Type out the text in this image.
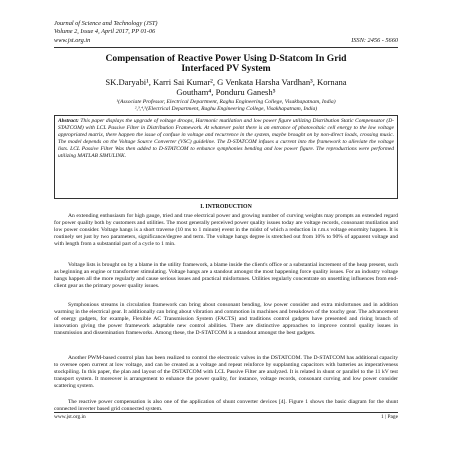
Journal of Science and Technology (JST)
Volume 2, Issue 4, April 2017, PP 01-06
www.jst.org.in	ISSN: 2456 - 5660
Compensation of Reactive Power Using D-Statcom In Grid
Interfaced PV System
SK.Daryabi¹, Karri Sai Kumar², G Venkata Harsha Vardhan³, Kornana
Goutham⁴, Ponduru Ganesh⁵
¹(Associate Professor, Electrical Department, Raghu Engineering College, Visakhapatnam, India)
²,³,⁴,⁵(Electrical Department, Raghu Engineering College, Visakhapatnam, India)
Abstract: This paper displays the upgrade of voltage droops, Harmonic mutilation and low power figure utilizing Distribution Static Compensator (D-STATCOM) with LCL Passive Filter in Distribution Framework. At whatever point there is an entrance of photovoltaic cell energy to the low voltage appropriated matrix, there happen the issue of confuse in voltage and recurrence in the system, maybe brought on by non-direct loads, crossing music. The model depends on the Voltage Source Converter (VSC) guideline. The D-STATCOM infuses a current into the framework to alleviate the voltage lists. LCL Passive Filter Was then added to D-STATCOM to enhance symphonies bending and low power figure. The reproductions were performed utilizing MATLAB SIMULINK.
I. INTRODUCTION
An extending enthusiasm for high gauge, tried and true electrical power and growing number of curving weights may prompts an extended regard for power quality both by customers and utilities. The most generally perceived power quality issues today are voltage records, consonant mutilation and low power consider. Voltage hangs is a short traverse (10 ms to 1 minute) event in the midst of which a reduction in r.m.s voltage enormity happen. It is routinely set just by two parameters, significance/degree and term. The voltage hangs degree is stretched out from 10% to 90% of apparent voltage and with length from a substantial part of a cycle to 1 min.
Voltage lists is brought on by a blame in the utility framework, a blame inside the client's office or a substantial increment of the heap present, such as beginning an engine or transformer stimulating. Voltage hangs are a standout amongst the most happening force quality issues. For an industry voltage hangs happen all the more regularly and cause serious issues and practical misfortunes. Utilities regularly concentrate on unsettling influences from end-client gear as the primary power quality issues.
Symphonious streams in circulation framework can bring about consonant bending, low power consider and extra misfortunes and in addition warming in the electrical gear. It additionally can bring about vibration and commotion in machines and breakdown of the touchy gear. The advancement of energy gadgets, for example, Flexible AC Transmission System (FACTS) and traditions control gadgets have presented and rising branch of innovation giving the power framework adaptable new control abilities. There are distinctive approaches to improve control quality issues in transmission and dissemination frameworks. Among these, the D-STATCOM is a standout amongst the best gadgets.
Another PWM-based control plan has been realized to control the electronic valves in the DSTATCOM. The D-STATCOM has additional capacity to oversee open current at low voltage, and can be created as a voltage and repeat reinforce by supplanting capacitors with batteries as imperativeness stockpiling. In this paper, the plan and layout of the DSTATCOM with LCL Passive Filter are analyzed. It is related in shunt or parallel to the 11 kV test transport system. It moreover is arrangement to enhance the power quality, for instance, voltage records, consonant curving and low power consider scattering system.
The reactive power compensation is also one of the application of shunt converter devices [4]. Figure 1 shows the basic diagram for the shunt connected inverter based grid connected system.
www.jst.org.in	1 | Page
